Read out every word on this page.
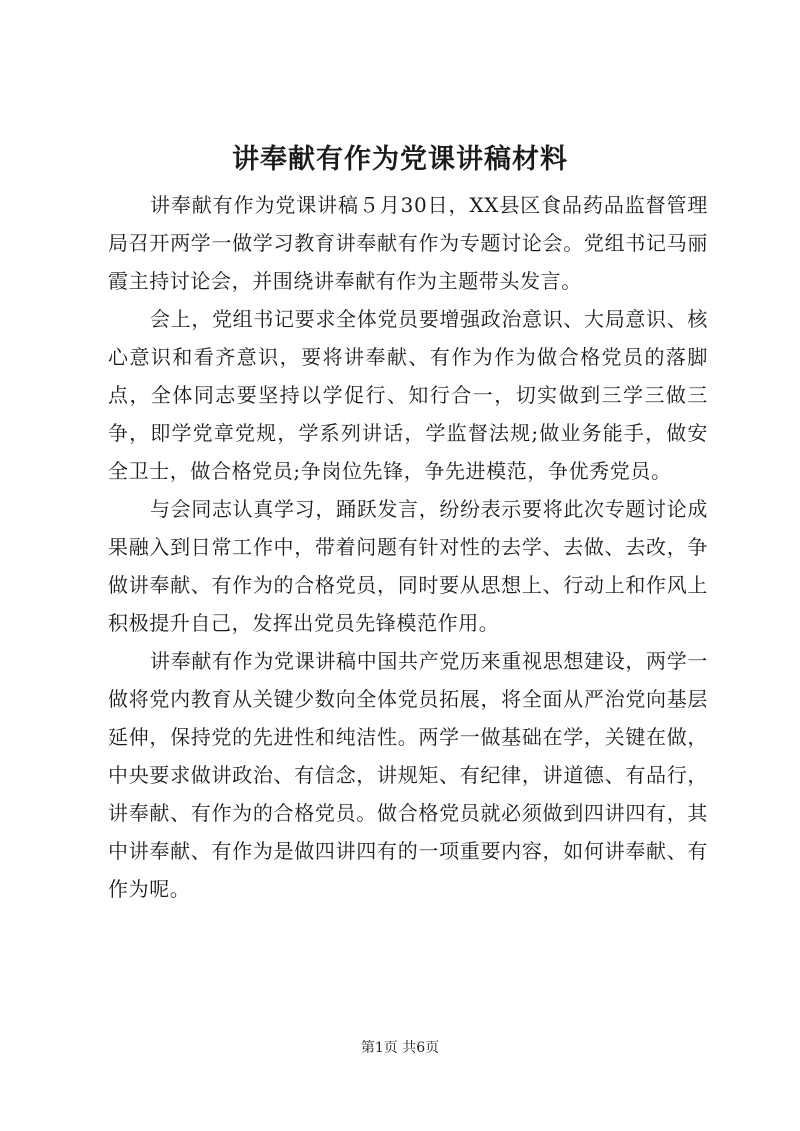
讲奉献有作为党课讲稿材料

讲奉献有作为党课讲稿５月30日，XX县区食品药品监督管理局召开两学一做学习教育讲奉献有作为专题讨论会。党组书记马丽霞主持讨论会，并围绕讲奉献有作为主题带头发言。

会上，党组书记要求全体党员要增强政治意识、大局意识、核心意识和看齐意识，要将讲奉献、有作为作为做合格党员的落脚点，全体同志要坚持以学促行、知行合一，切实做到三学三做三争，即学党章党规，学系列讲话，学监督法规;做业务能手，做安全卫士，做合格党员;争岗位先锋，争先进模范，争优秀党员。

与会同志认真学习，踊跃发言，纷纷表示要将此次专题讨论成果融入到日常工作中，带着问题有针对性的去学、去做、去改，争做讲奉献、有作为的合格党员，同时要从思想上、行动上和作风上积极提升自己，发挥出党员先锋模范作用。

讲奉献有作为党课讲稿中国共产党历来重视思想建设，两学一做将党内教育从关键少数向全体党员拓展，将全面从严治党向基层延伸，保持党的先进性和纯洁性。两学一做基础在学，关键在做，中央要求做讲政治、有信念，讲规矩、有纪律，讲道德、有品行，讲奉献、有作为的合格党员。做合格党员就必须做到四讲四有，其中讲奉献、有作为是做四讲四有的一项重要内容，如何讲奉献、有作为呢。

第1页 共6页
